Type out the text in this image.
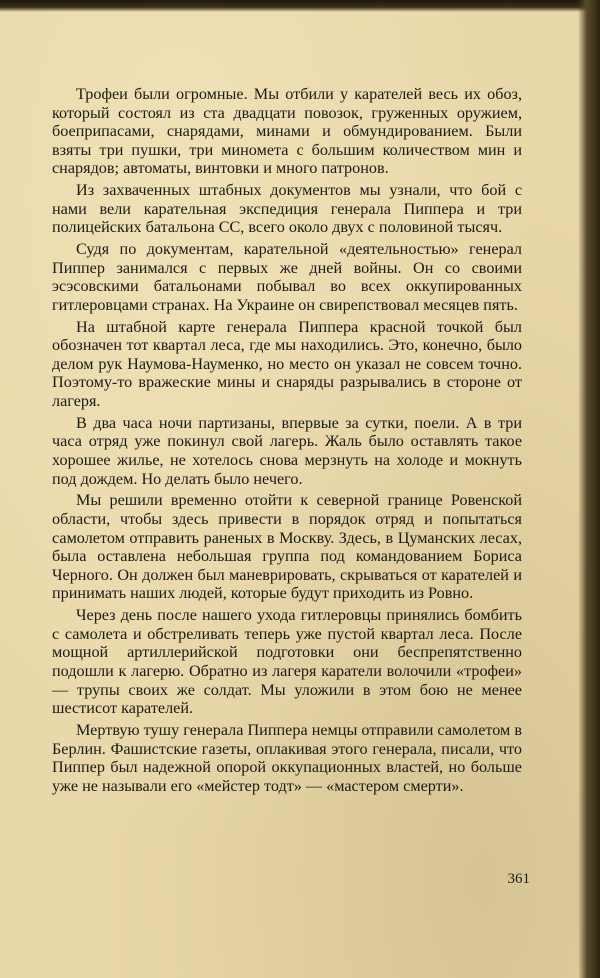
Трофеи были огромные. Мы отбили у карателей весь их обоз, который состоял из ста двадцати повозок, груженных оружием, боеприпасами, снарядами, минами и обмундированием. Были взяты три пушки, три миномета с большим количеством мин и снарядов; автоматы, винтовки и много патронов.

Из захваченных штабных документов мы узнали, что бой с нами вели карательная экспедиция генерала Пиппера и три полицейских батальона СС, всего около двух с половиной тысяч.

Судя по документам, карательной «деятельностью» генерал Пиппер занимался с первых же дней войны. Он со своими эсэсовскими батальонами побывал во всех оккупированных гитлеровцами странах. На Украине он свирепствовал месяцев пять.

На штабной карте генерала Пиппера красной точкой был обозначен тот квартал леса, где мы находились. Это, конечно, было делом рук Наумова-Науменко, но место он указал не совсем точно. Поэтому-то вражеские мины и снаряды разрывались в стороне от лагеря.

В два часа ночи партизаны, впервые за сутки, поели. А в три часа отряд уже покинул свой лагерь. Жаль было оставлять такое хорошее жилье, не хотелось снова мерзнуть на холоде и мокнуть под дождем. Но делать было нечего.

Мы решили временно отойти к северной границе Ровенской области, чтобы здесь привести в порядок отряд и попытаться самолетом отправить раненых в Москву. Здесь, в Цуманских лесах, была оставлена небольшая группа под командованием Бориса Черного. Он должен был маневрировать, скрываться от карателей и принимать наших людей, которые будут приходить из Ровно.

Через день после нашего ухода гитлеровцы принялись бомбить с самолета и обстреливать теперь уже пустой квартал леса. После мощной артиллерийской подготовки они беспрепятственно подошли к лагерю. Обратно из лагеря каратели волочили «трофеи» — трупы своих же солдат. Мы уложили в этом бою не менее шестисот карателей.

Мертвую тушу генерала Пиппера немцы отправили самолетом в Берлин. Фашистские газеты, оплакивая этого генерала, писали, что Пиппер был надежной опорой оккупационных властей, но больше уже не называли его «мейстер тодт» — «мастером смерти».

361
